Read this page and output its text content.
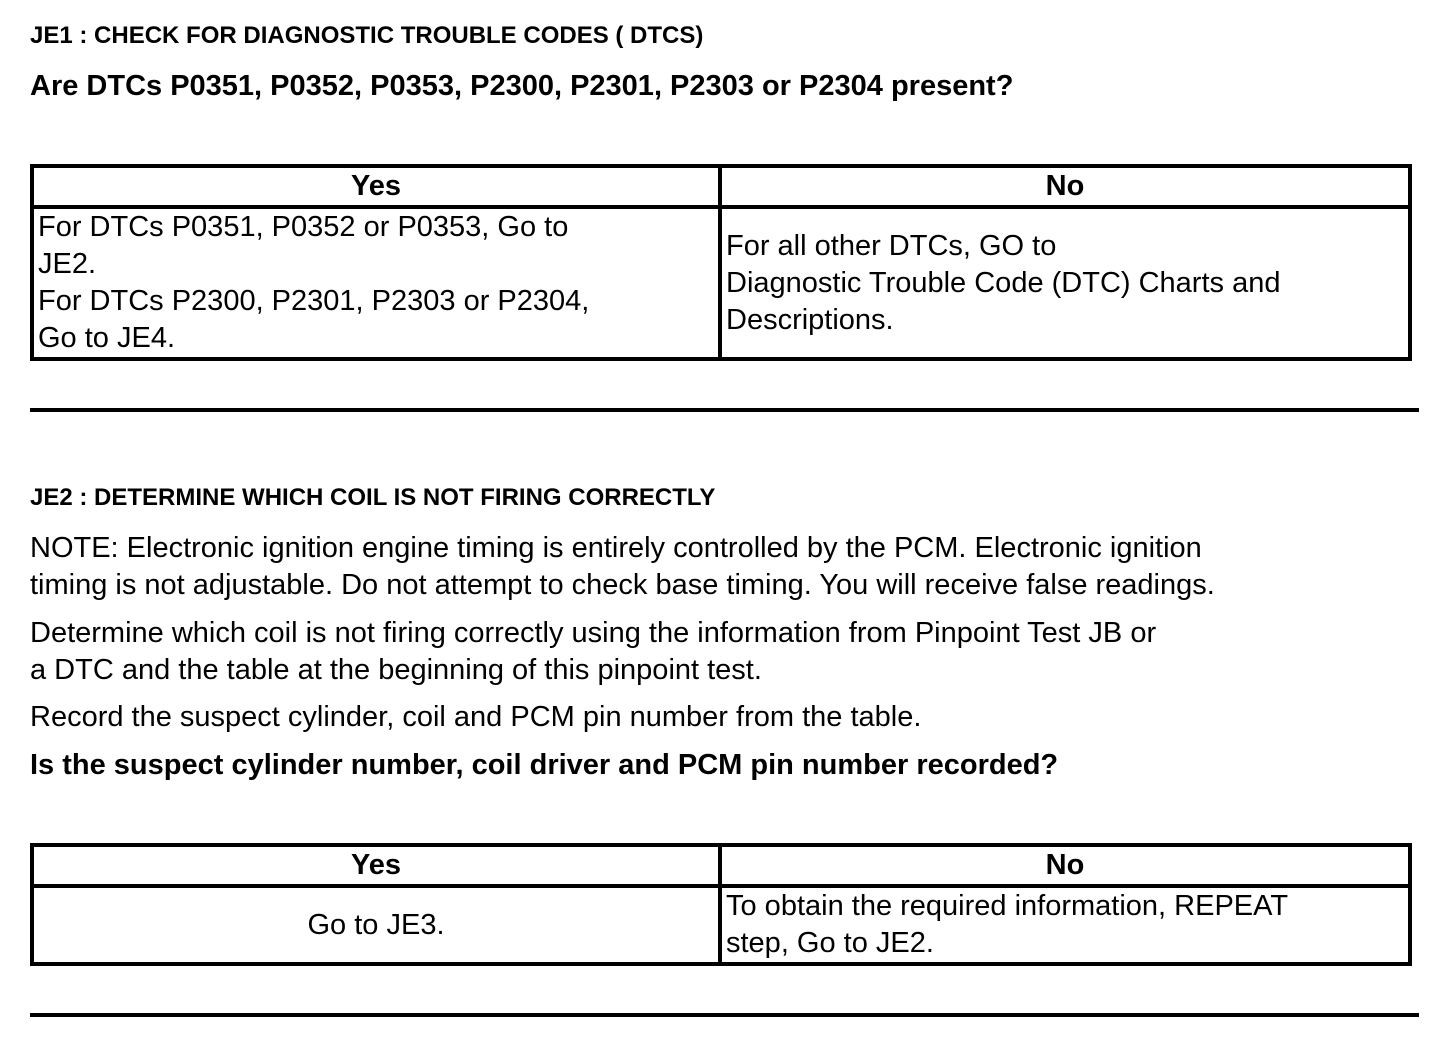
JE1 : CHECK FOR DIAGNOSTIC TROUBLE CODES ( DTCS)
Are DTCs P0351, P0352, P0353, P2300, P2301, P2303 or P2304 present?
Yes	No

For DTCs P0351, P0352 or P0353, Go to
JE2.
For DTCs P2300, P2301, P2303 or P2304,
Go to JE4.	For all other DTCs, GO to
Diagnostic Trouble Code (DTC) Charts and
Descriptions.
JE2 : DETERMINE WHICH COIL IS NOT FIRING CORRECTLY
NOTE: Electronic ignition engine timing is entirely controlled by the PCM. Electronic ignition
timing is not adjustable. Do not attempt to check base timing. You will receive false readings.
Determine which coil is not firing correctly using the information from Pinpoint Test JB or
a DTC and the table at the beginning of this pinpoint test.
Record the suspect cylinder, coil and PCM pin number from the table.
Is the suspect cylinder number, coil driver and PCM pin number recorded?
Yes	No
Go to JE3.	To obtain the required information, REPEAT
step, Go to JE2.
